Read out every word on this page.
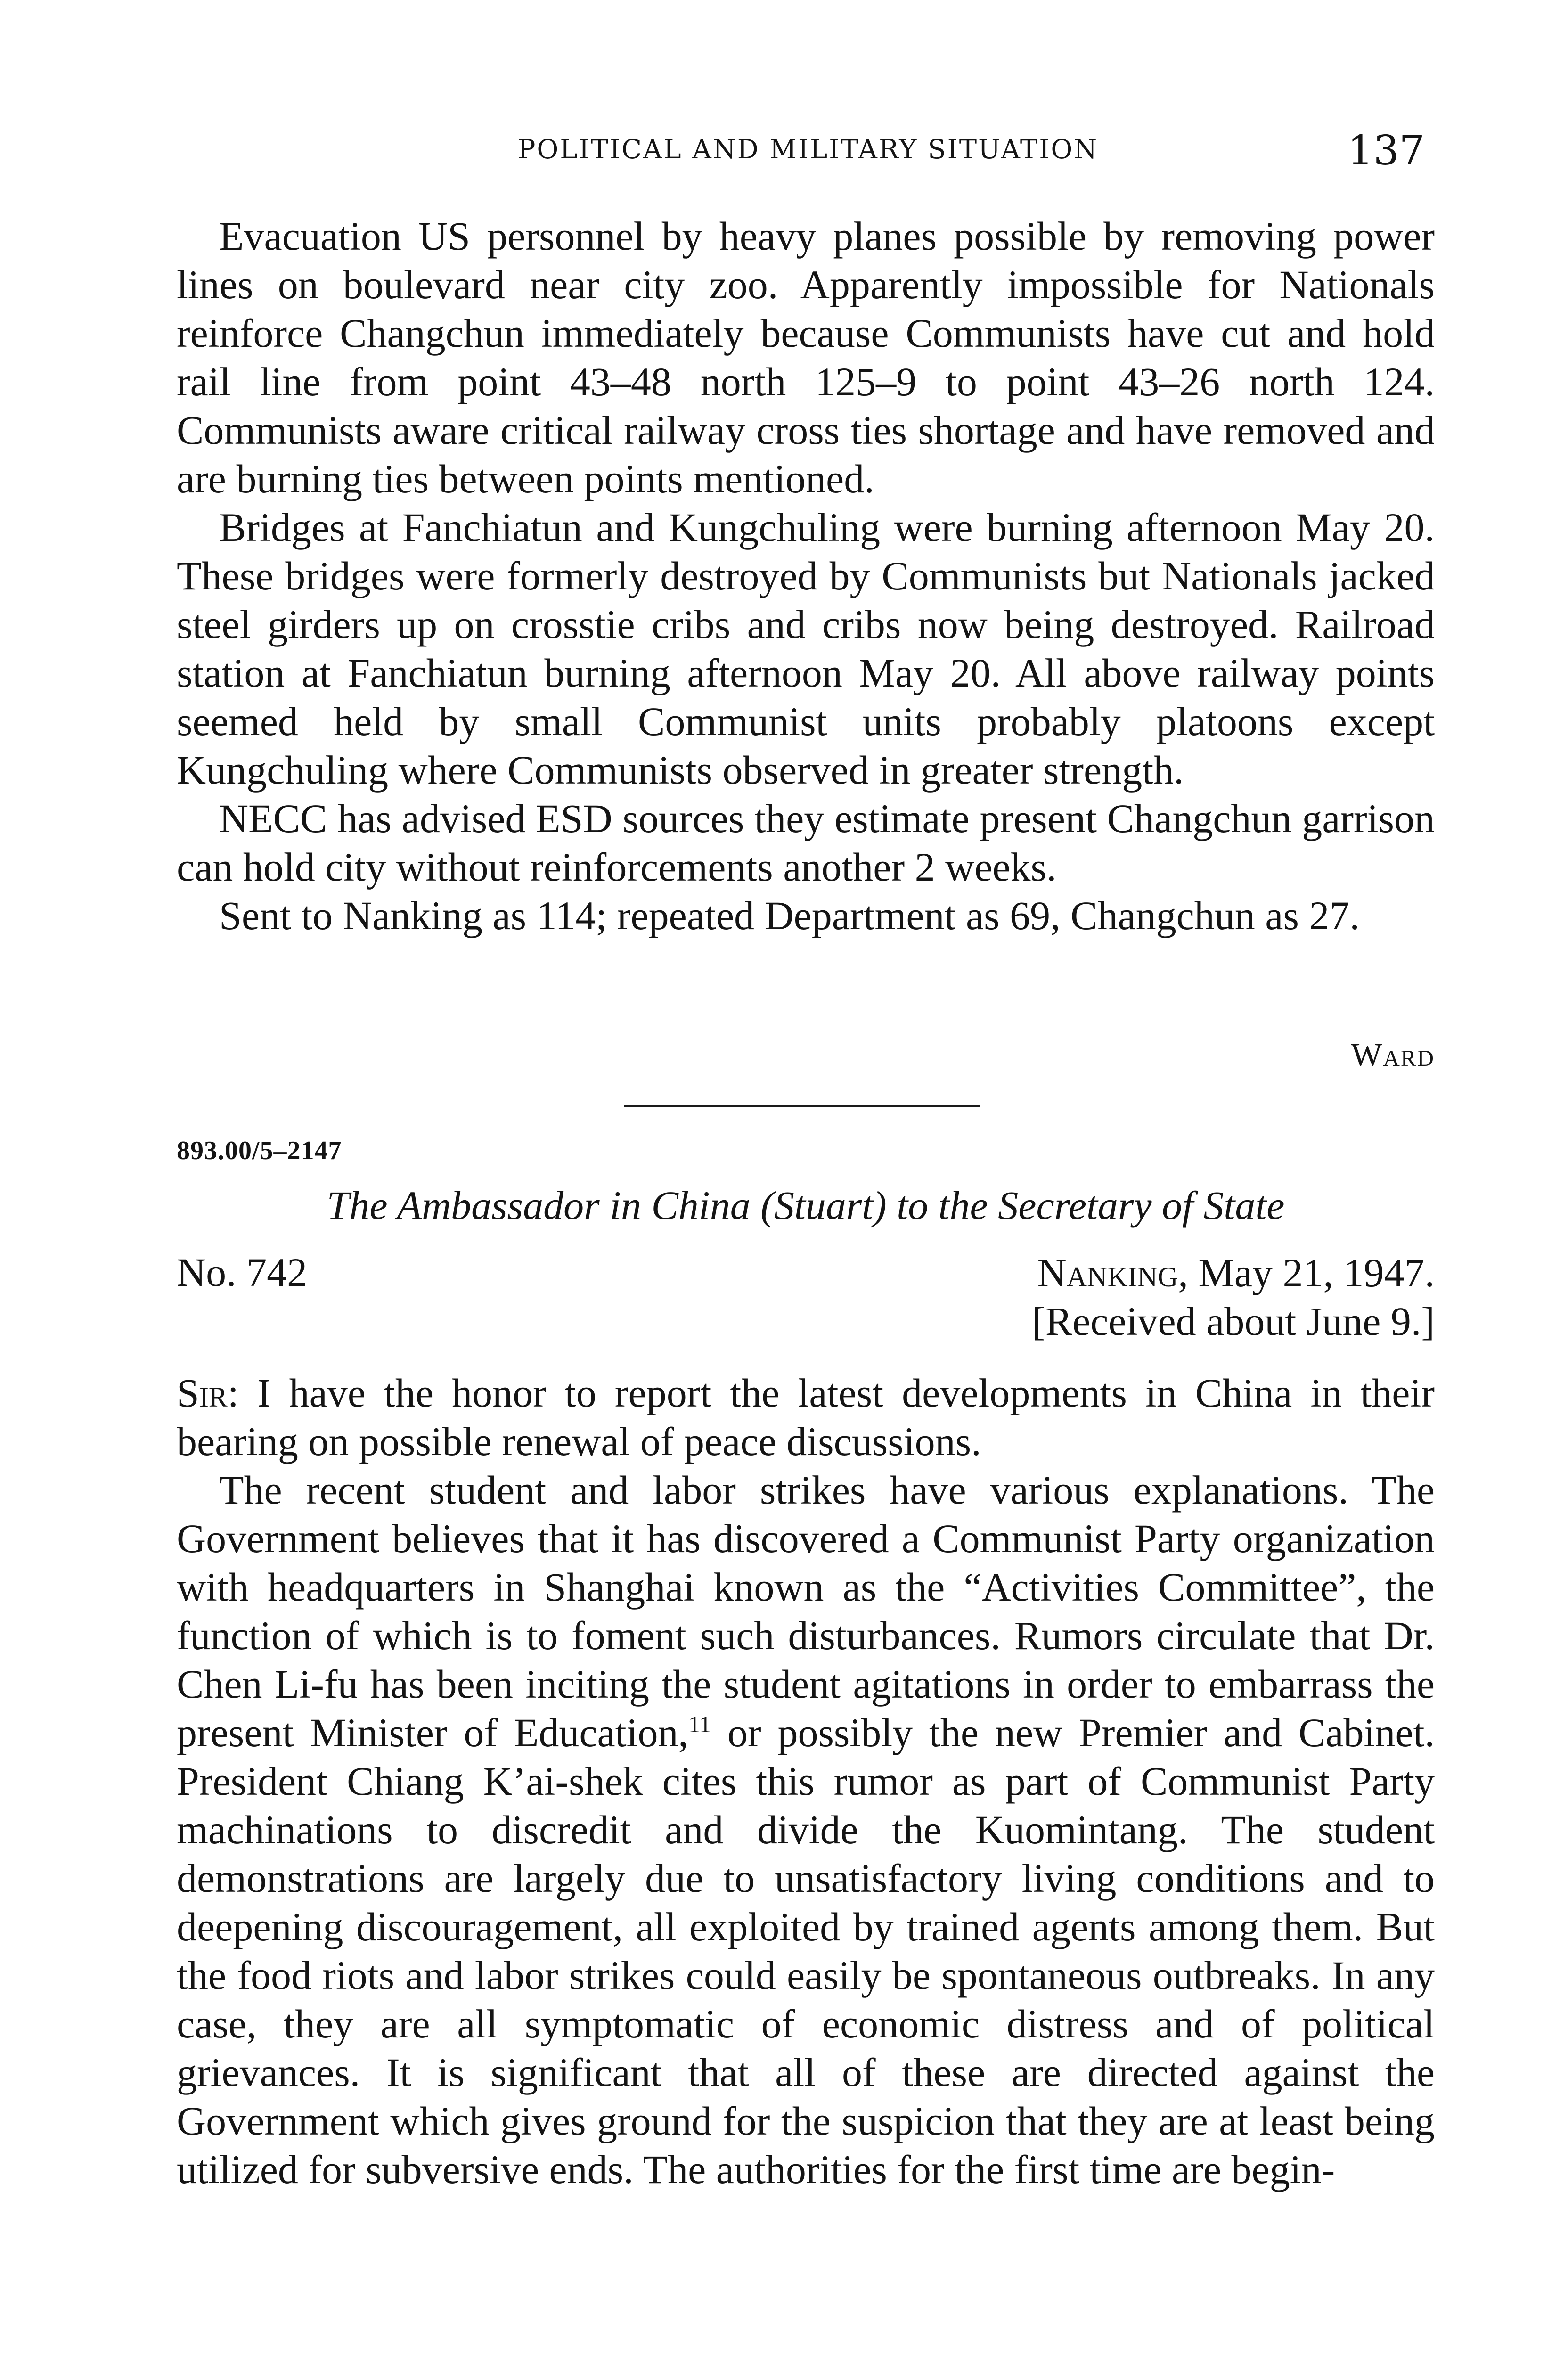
POLITICAL AND MILITARY SITUATION	137

Evacuation US personnel by heavy planes possible by removing power lines on boulevard near city zoo. Apparently impossible for Nationals reinforce Changchun immediately because Communists have cut and hold rail line from point 43–48 north 125–9 to point 43–26 north 124. Communists aware critical railway cross ties shortage and have removed and are burning ties between points mentioned.

Bridges at Fanchiatun and Kungchuling were burning afternoon May 20. These bridges were formerly destroyed by Communists but Nationals jacked steel girders up on crosstie cribs and cribs now being destroyed. Railroad station at Fanchiatun burning afternoon May 20. All above railway points seemed held by small Communist units probably platoons except Kungchuling where Communists observed in greater strength.

NECC has advised ESD sources they estimate present Changchun garrison can hold city without reinforcements another 2 weeks.

Sent to Nanking as 114; repeated Department as 69, Changchun as 27.

Ward
893.00/5–2147
The Ambassador in China (Stuart) to the Secretary of State
No. 742	Nanking, May 21, 1947.
[Received about June 9.]

Sir: I have the honor to report the latest developments in China in their bearing on possible renewal of peace discussions.

The recent student and labor strikes have various explanations. The Government believes that it has discovered a Communist Party organization with headquarters in Shanghai known as the “Activities Committee”, the function of which is to foment such disturbances. Rumors circulate that Dr. Chen Li-fu has been inciting the student agitations in order to embarrass the present Minister of Education,$^{11}$ or possibly the new Premier and Cabinet. President Chiang K’ai-shek cites this rumor as part of Communist Party machinations to discredit and divide the Kuomintang. The student demonstrations are largely due to unsatisfactory living conditions and to deepening discouragement, all exploited by trained agents among them. But the food riots and labor strikes could easily be spontaneous outbreaks. In any case, they are all symptomatic of economic distress and of political grievances. It is significant that all of these are directed against the Government which gives ground for the suspicion that they are at least being utilized for subversive ends. The authorities for the first time are begin-
